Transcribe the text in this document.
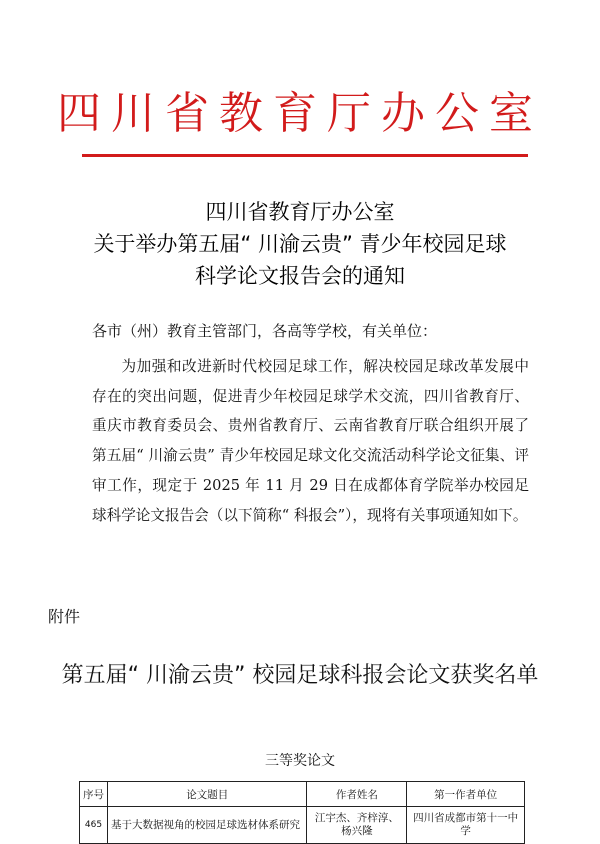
四川省教育厅办公室
四川省教育厅办公室
关于举办第五届“ 川渝云贵” 青少年校园足球
科学论文报告会的通知
各市（州）教育主管部门，各高等学校，有关单位：
为加强和改进新时代校园足球工作，解决校园足球改革发展中存在的突出问题，促进青少年校园足球学术交流，四川省教育厅、重庆市教育委员会、贵州省教育厅、云南省教育厅联合组织开展了第五届“ 川渝云贵” 青少年校园足球文化交流活动科学论文征集、评审工作，现定于 2025 年 11 月 29 日在成都体育学院举办校园足球科学论文报告会（以下简称“ 科报会”），现将有关事项通知如下。
附件
第五届“ 川渝云贵” 校园足球科报会论文获奖名单
三等奖论文
序号	论文题目	作者姓名	第一作者单位
465	基于大数据视角的校园足球选材体系研究	江宇杰、齐梓淳、杨兴隆	四川省成都市第十一中学
